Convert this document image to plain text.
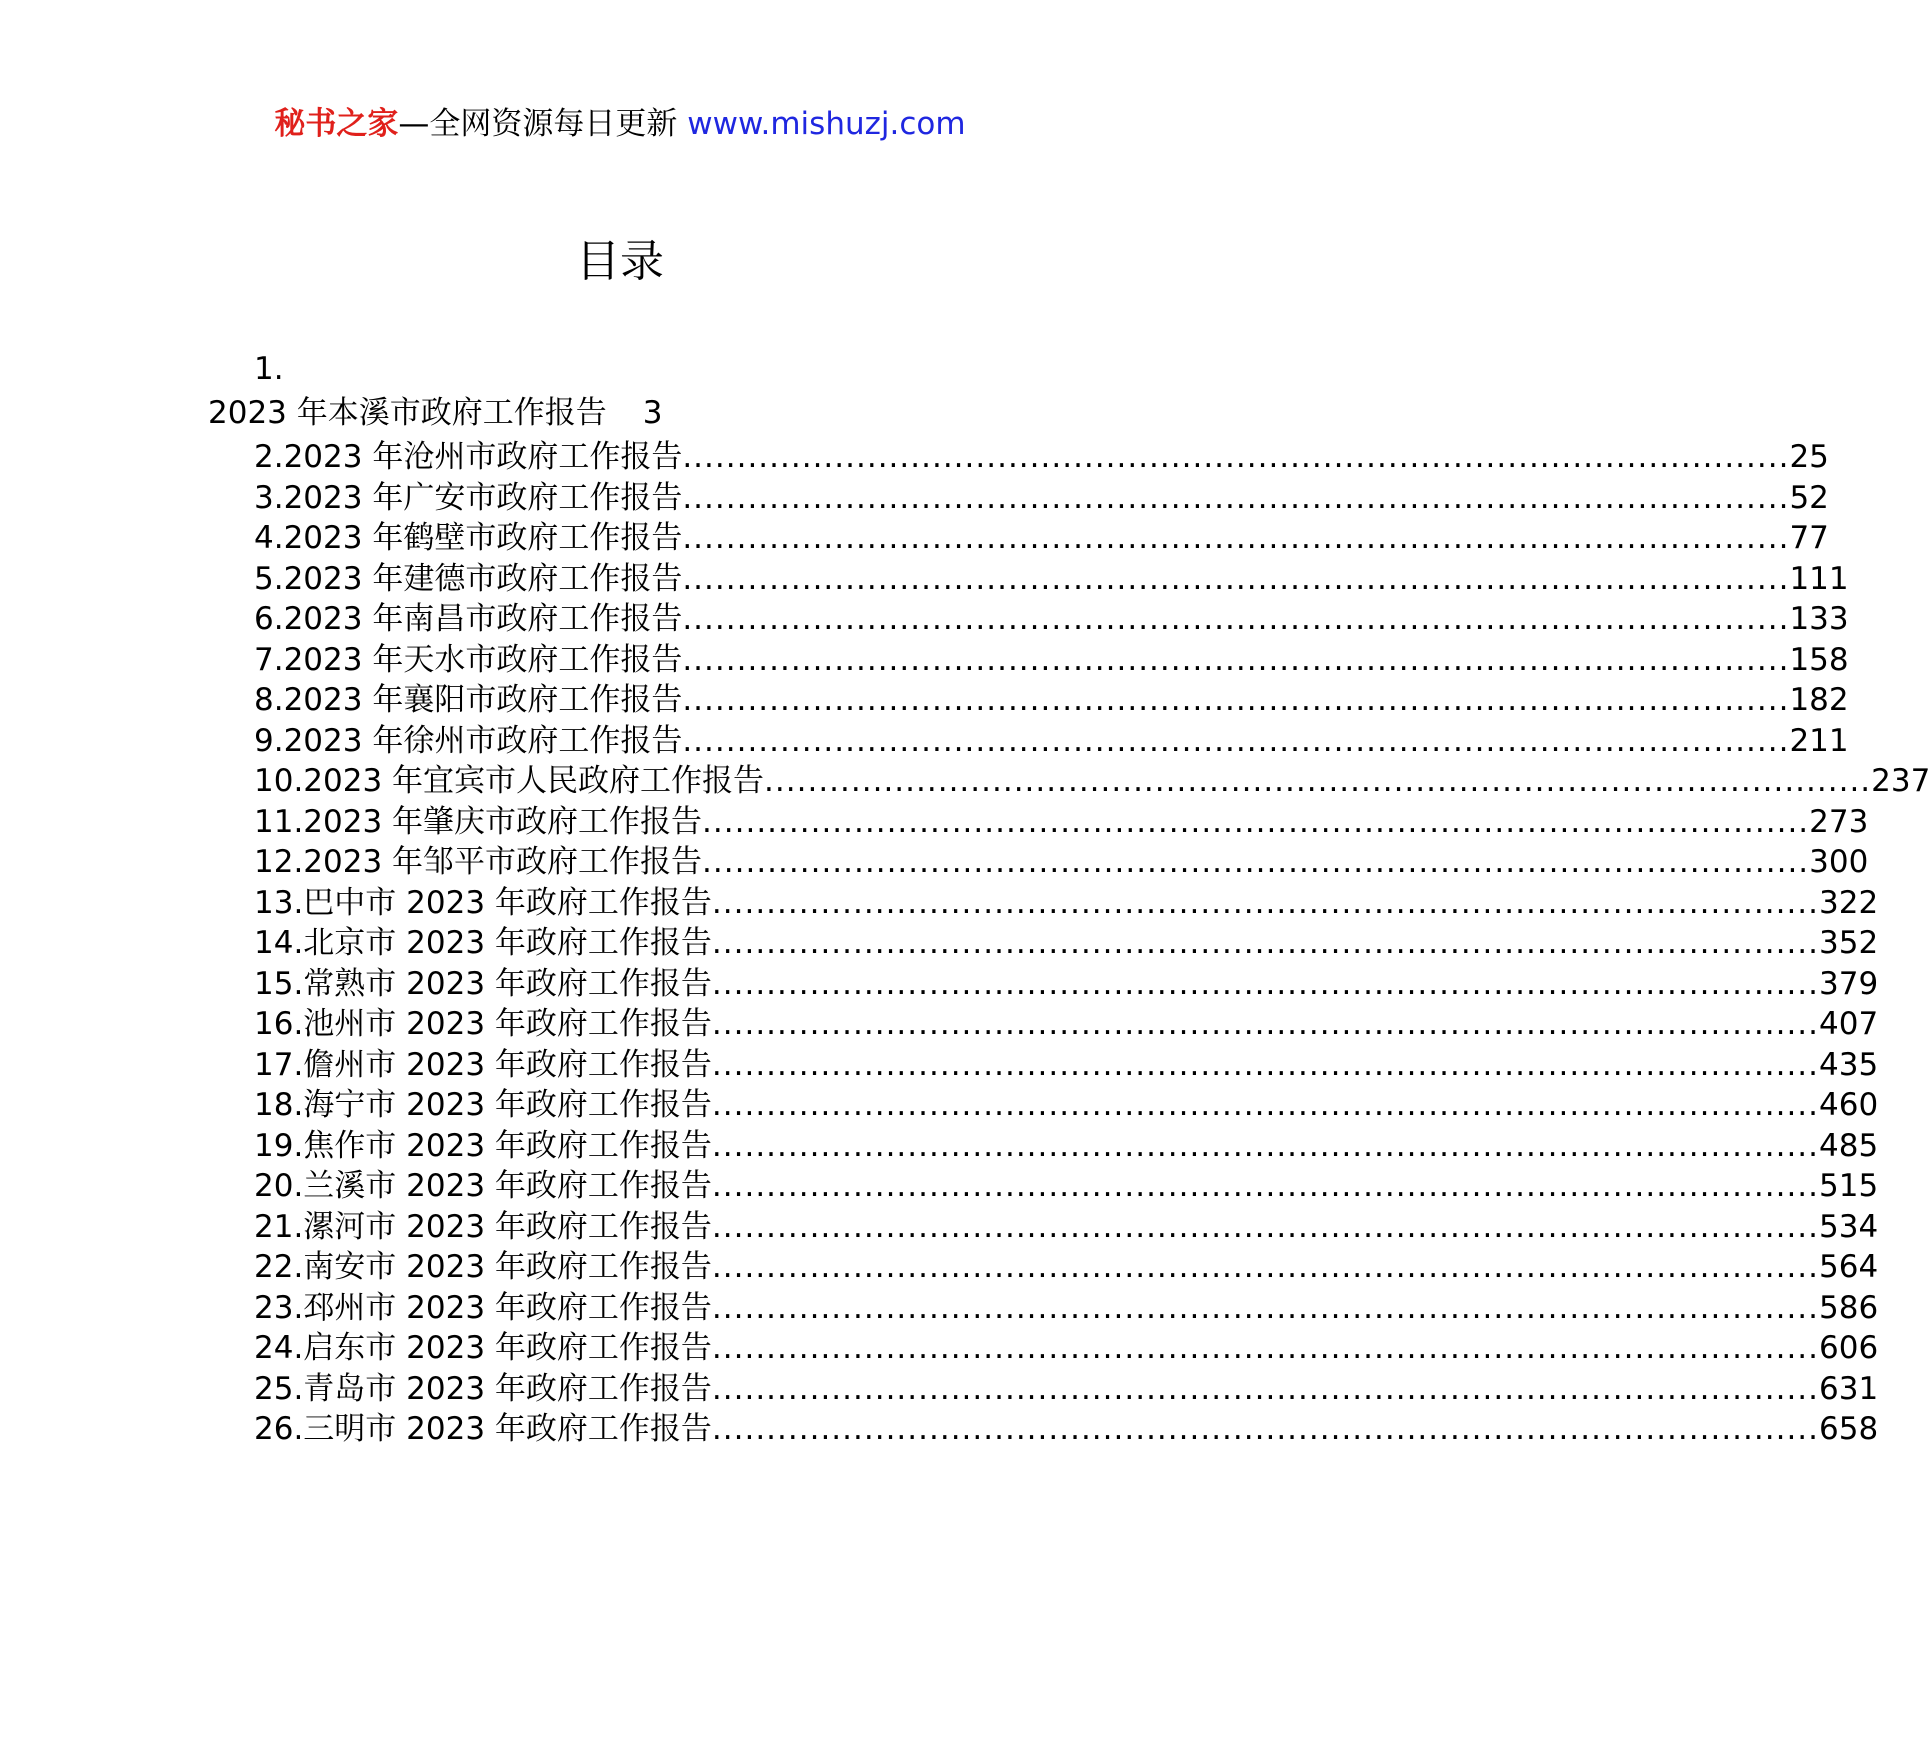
秘书之家—全网资源每日更新 www.mishuzj.com
目录
1.
2023 年本溪市政府工作报告 3
2.2023 年沧州市政府工作报告 ...................................................................................................... 25
3.2023 年广安市政府工作报告 ...................................................................................................... 52
4.2023 年鹤壁市政府工作报告 ...................................................................................................... 77
5.2023 年建德市政府工作报告 ...................................................................................................... 111
6.2023 年南昌市政府工作报告 ...................................................................................................... 133
7.2023 年天水市政府工作报告 ...................................................................................................... 158
8.2023 年襄阳市政府工作报告 ...................................................................................................... 182
9.2023 年徐州市政府工作报告 ...................................................................................................... 211
10.2023 年宜宾市人民政府工作报告 ...................................................................................................... 237
11.2023 年肇庆市政府工作报告 ...................................................................................................... 273
12.2023 年邹平市政府工作报告 ...................................................................................................... 300
13.巴中市 2023 年政府工作报告 ...................................................................................................... 322
14.北京市 2023 年政府工作报告 ...................................................................................................... 352
15.常熟市 2023 年政府工作报告 ...................................................................................................... 379
16.池州市 2023 年政府工作报告 ...................................................................................................... 407
17.儋州市 2023 年政府工作报告 ...................................................................................................... 435
18.海宁市 2023 年政府工作报告 ...................................................................................................... 460
19.焦作市 2023 年政府工作报告 ...................................................................................................... 485
20.兰溪市 2023 年政府工作报告 ...................................................................................................... 515
21.漯河市 2023 年政府工作报告 ...................................................................................................... 534
22.南安市 2023 年政府工作报告 ...................................................................................................... 564
23.邳州市 2023 年政府工作报告 ...................................................................................................... 586
24.启东市 2023 年政府工作报告 ...................................................................................................... 606
25.青岛市 2023 年政府工作报告 ...................................................................................................... 631
26.三明市 2023 年政府工作报告 ...................................................................................................... 658
